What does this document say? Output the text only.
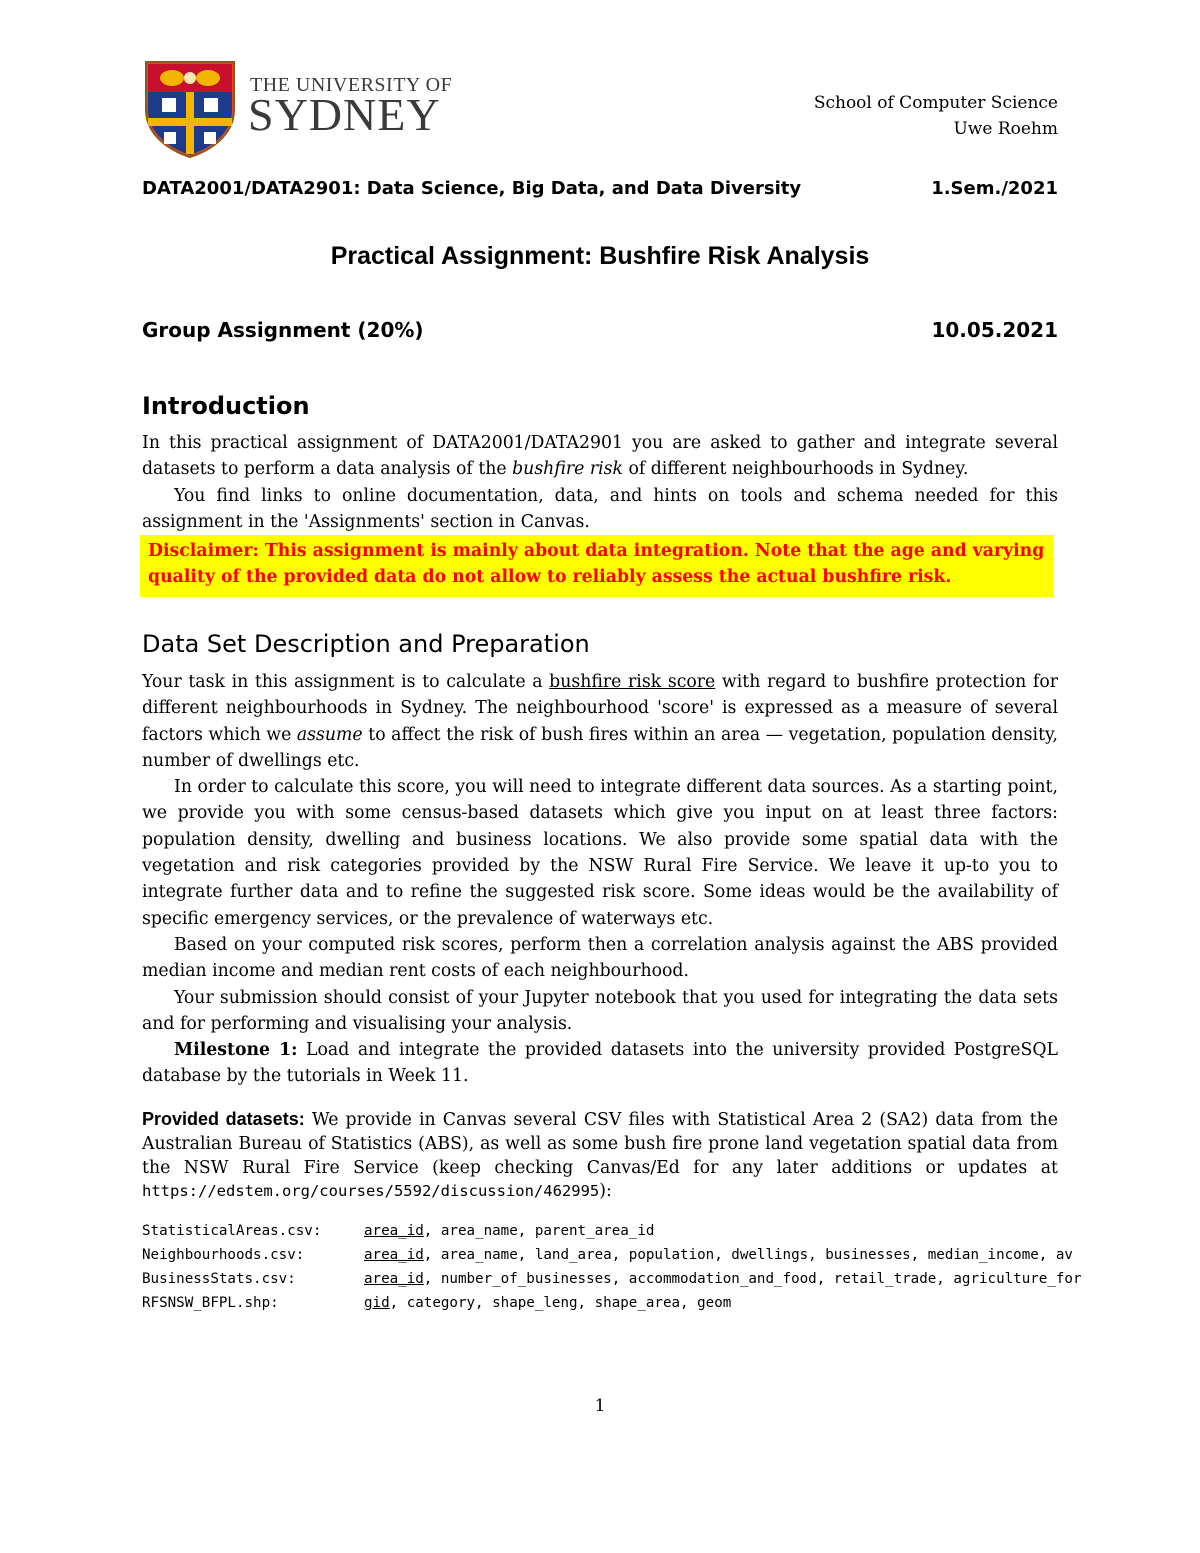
THE UNIVERSITY OF
SYDNEY	School of Computer Science
Uwe Roehm
DATA2001/DATA2901: Data Science, Big Data, and Data Diversity	1.Sem./2021
Practical Assignment: Bushfire Risk Analysis
Group Assignment (20%)	10.05.2021
Introduction

In this practical assignment of DATA2001/DATA2901 you are asked to gather and integrate several datasets to perform a data analysis of the bushfire risk of different neighbourhoods in Sydney.

You find links to online documentation, data, and hints on tools and schema needed for this assignment in the 'Assignments' section in Canvas.

Disclaimer: This assignment is mainly about data integration. Note that the age and varying quality of the provided data do not allow to reliably assess the actual bushfire risk.
Data Set Description and Preparation

Your task in this assignment is to calculate a bushfire risk score with regard to bushfire protection for different neighbourhoods in Sydney. The neighbourhood 'score' is expressed as a measure of several factors which we assume to affect the risk of bush fires within an area — vegetation, population density, number of dwellings etc.

In order to calculate this score, you will need to integrate different data sources. As a starting point, we provide you with some census-based datasets which give you input on at least three factors: population density, dwelling and business locations. We also provide some spatial data with the vegetation and risk categories provided by the NSW Rural Fire Service. We leave it up-to you to integrate further data and to refine the suggested risk score. Some ideas would be the availability of specific emergency services, or the prevalence of waterways etc.

Based on your computed risk scores, perform then a correlation analysis against the ABS provided median income and median rent costs of each neighbourhood.

Your submission should consist of your Jupyter notebook that you used for integrating the data sets and for performing and visualising your analysis.

Milestone 1: Load and integrate the provided datasets into the university provided PostgreSQL database by the tutorials in Week 11.

Provided datasets: We provide in Canvas several CSV files with Statistical Area 2 (SA2) data from the Australian Bureau of Statistics (ABS), as well as some bush fire prone land vegetation spatial data from the NSW Rural Fire Service (keep checking Canvas/Ed for any later additions or updates at https://edstem.org/courses/5592/discussion/462995):
StatisticalAreas.csv:	area_id, area_name, parent_area_id
Neighbourhoods.csv:	area_id, area_name, land_area, population, dwellings, businesses, median_income, av
BusinessStats.csv:	area_id, number_of_businesses, accommodation_and_food, retail_trade, agriculture_for
RFSNSW_BFPL.shp:	gid, category, shape_leng, shape_area, geom
1
